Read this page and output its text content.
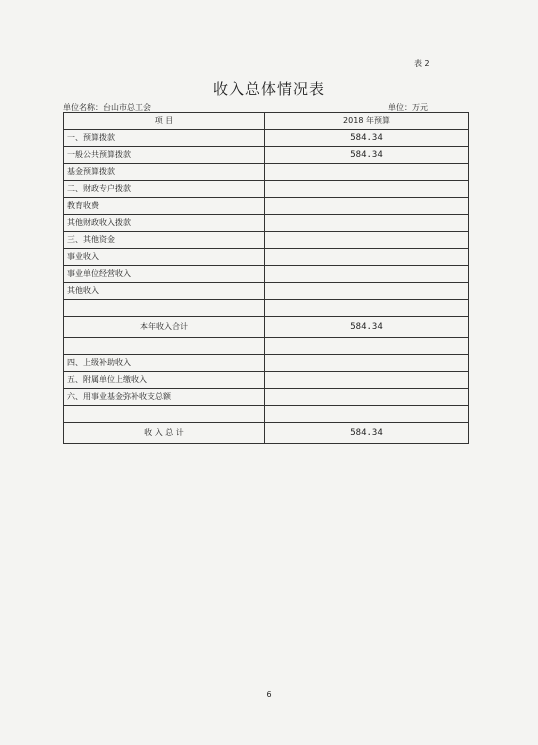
表 2
收入总体情况表
单位名称：台山市总工会	单位：万元
项 目	2018 年预算
一、预算拨款	584.34
一般公共预算拨款	584.34
基金预算拨款	
二、财政专户拨款	
教育收费	
其他财政收入拨款	
三、其他资金	
事业收入	
事业单位经营收入	
其他收入	

本年收入合计	584.34

四、上级补助收入	
五、附属单位上缴收入	
六、用事业基金弥补收支总额	

收 入 总 计	584.34
6
